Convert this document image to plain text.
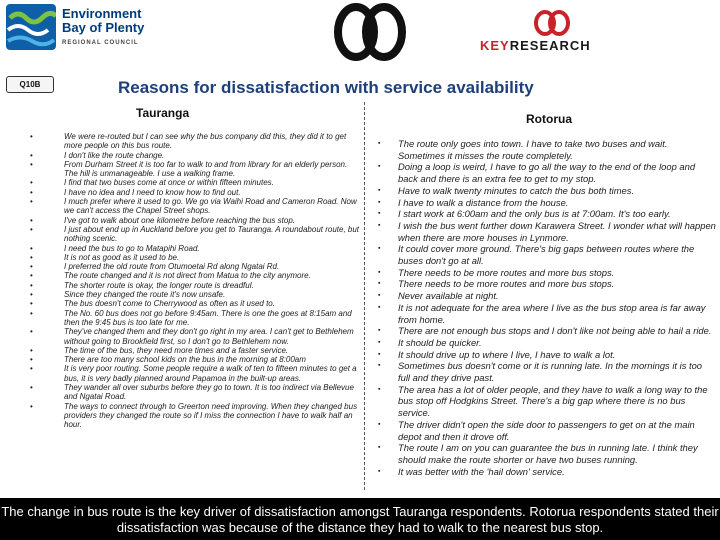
Environment
Bay of Plenty
REGIONAL COUNCIL	KEYRESEARCH
Q10B	Reasons for dissatisfaction with service availability
Tauranga	Rotorua
• We were re-routed but I can see why the bus company did this, they did it to get more people on this bus route.
• I don't like the route change.
• From Durham Street it is too far to walk to and from library for an elderly person. The hill is unmanageable. I use a walking frame.
• I find that two buses come at once or within fifteen minutes.
• I have no idea and I need to know how to find out.
• I much prefer where it used to go. We go via Waihi Road and Cameron Road. Now we can't access the Chapel Street shops.
• I've got to walk about one kilometre before reaching the bus stop.
• I just about end up in Auckland before you get to Tauranga. A roundabout route, but nothing scenic.
• I need the bus to go to Matapihi Road.
• It is not as good as it used to be.
• I preferred the old route from Otumoetai Rd along Ngatai Rd.
• The route changed and it is not direct from Matua to the city anymore.
• The shorter route is okay, the longer route is dreadful.
• Since they changed the route it's now unsafe.
• The bus doesn't come to Cherrywood as often as it used to.
• The No. 60 bus does not go before 9:45am. There is one the goes at 8:15am and then the 9:45 bus is too late for me.
• They've changed them and they don't go right in my area. I can't get to Bethlehem without going to Brookfield first, so I don't go to Bethlehem now.
• The time of the bus, they need more times and a faster service.
• There are too many school kids on the bus in the morning at 8:00am
• It is very poor routing. Some people require a walk of ten to fifteen minutes to get a bus, it is very badly planned around Papamoa in the built-up areas.
• They wander all over suburbs before they go to town. It is too indirect via Bellevue and Ngatai Road.
• The ways to connect through to Greerton need improving. When they changed bus providers they changed the route so if I miss the connection I have to walk half an hour.
▪ The route only goes into town. I have to take two buses and wait. Sometimes it misses the route completely.
▪ Doing a loop is weird, I have to go all the way to the end of the loop and back and there is an extra fee to get to my stop.
▪ Have to walk twenty minutes to catch the bus both times.
▪ I have to walk a distance from the house.
▪ I start work at 6:00am and the only bus is at 7:00am. It's too early.
▪ I wish the bus went further down Karawera Street. I wonder what will happen when there are more houses in Lynmore.
▪ It could cover more ground. There's big gaps between routes where the buses don't go at all.
▪ There needs to be more routes and more bus stops.
▪ There needs to be more routes and more bus stops.
▪ Never available at night.
▪ It is not adequate for the area where I live as the bus stop area is far away from home.
▪ There are not enough bus stops and I don't like not being able to hail a ride.
▪ It should be quicker.
▪ It should drive up to where I live, I have to walk a lot.
▪ Sometimes bus doesn't come or it is running late. In the mornings it is too full and they drive past.
▪ The area has a lot of older people, and they have to walk a long way to the bus stop off Hodgkins Street. There's a big gap where there is no bus service.
▪ The driver didn't open the side door to passengers to get on at the main depot and then it drove off.
▪ The route I am on you can guarantee the bus in running late. I think they should make the route shorter or have two buses running.
▪ It was better with the 'hail down' service.
The change in bus route is the key driver of dissatisfaction amongst Tauranga respondents. Rotorua respondents stated their dissatisfaction was because of the distance they had to walk to the nearest bus stop.
